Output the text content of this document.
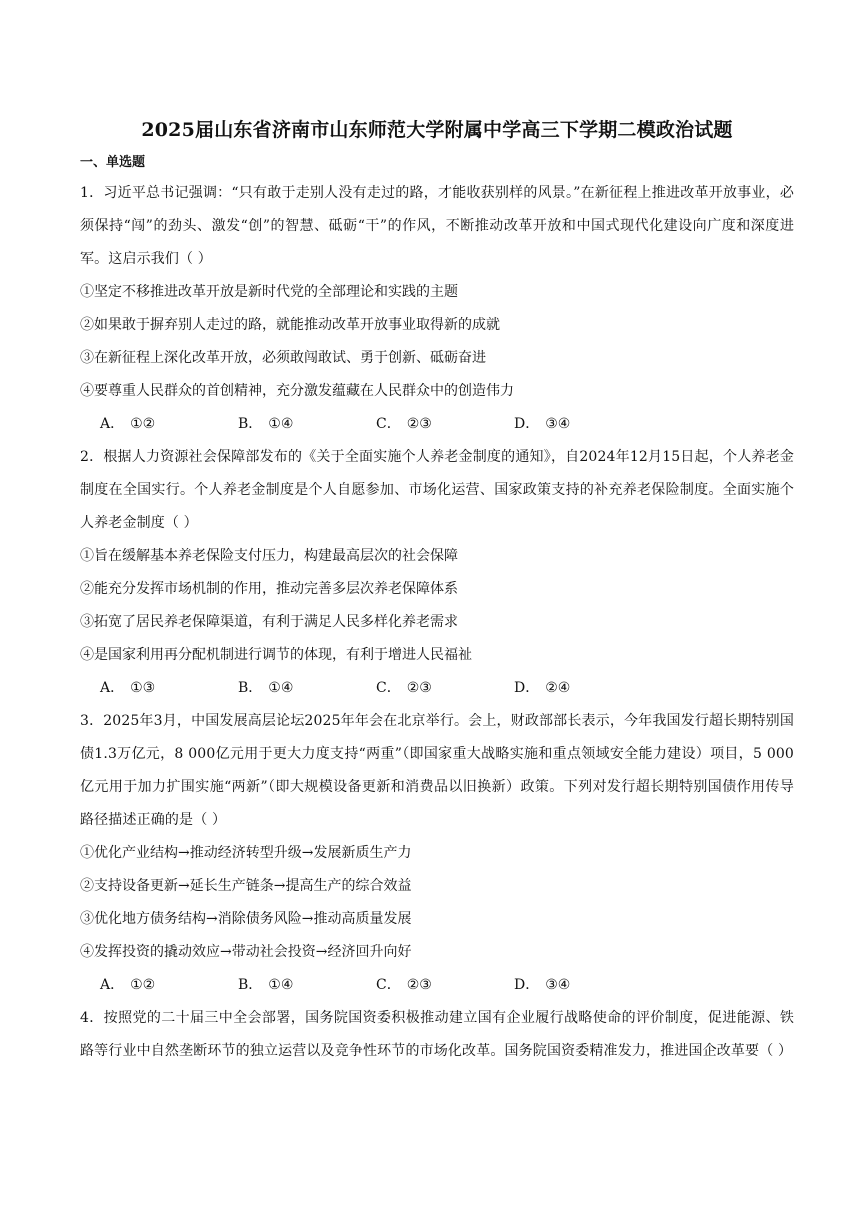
2025届山东省济南市山东师范大学附属中学高三下学期二模政治试题
一、单选题

1．习近平总书记强调：“只有敢于走别人没有走过的路，才能收获别样的风景。”在新征程上推进改革开放事业，必须保持“闯”的劲头、激发“创”的智慧、砥砺“干”的作风，不断推动改革开放和中国式现代化建设向广度和深度进军。这启示我们（ ）

①坚定不移推进改革开放是新时代党的全部理论和实践的主题

②如果敢于摒弃别人走过的路，就能推动改革开放事业取得新的成就

③在新征程上深化改革开放，必须敢闯敢试、勇于创新、砥砺奋进

④要尊重人民群众的首创精神，充分激发蕴藏在人民群众中的创造伟力

A． ①②	B． ①④	C． ②③	D． ③④

2．根据人力资源社会保障部发布的《关于全面实施个人养老金制度的通知》，自2024年12月15日起，个人养老金制度在全国实行。个人养老金制度是个人自愿参加、市场化运营、国家政策支持的补充养老保险制度。全面实施个人养老金制度（ ）

①旨在缓解基本养老保险支付压力，构建最高层次的社会保障

②能充分发挥市场机制的作用，推动完善多层次养老保障体系

③拓宽了居民养老保障渠道，有利于满足人民多样化养老需求

④是国家利用再分配机制进行调节的体现，有利于增进人民福祉

A． ①③	B． ①④	C． ②③	D． ②④

3．2025年3月，中国发展高层论坛2025年年会在北京举行。会上，财政部部长表示，今年我国发行超长期特别国债1.3万亿元，8 000亿元用于更大力度支持“两重”（即国家重大战略实施和重点领域安全能力建设）项目，5 000亿元用于加力扩围实施“两新”（即大规模设备更新和消费品以旧换新）政策。下列对发行超长期特别国债作用传导路径描述正确的是（ ）

①优化产业结构→推动经济转型升级→发展新质生产力

②支持设备更新→延长生产链条→提高生产的综合效益

③优化地方债务结构→消除债务风险→推动高质量发展

④发挥投资的撬动效应→带动社会投资→经济回升向好

A． ①②	B． ①④	C． ②③	D． ③④

4．按照党的二十届三中全会部署，国务院国资委积极推动建立国有企业履行战略使命的评价制度，促进能源、铁路等行业中自然垄断环节的独立运营以及竞争性环节的市场化改革。国务院国资委精准发力，推进国企改革要（ ）
